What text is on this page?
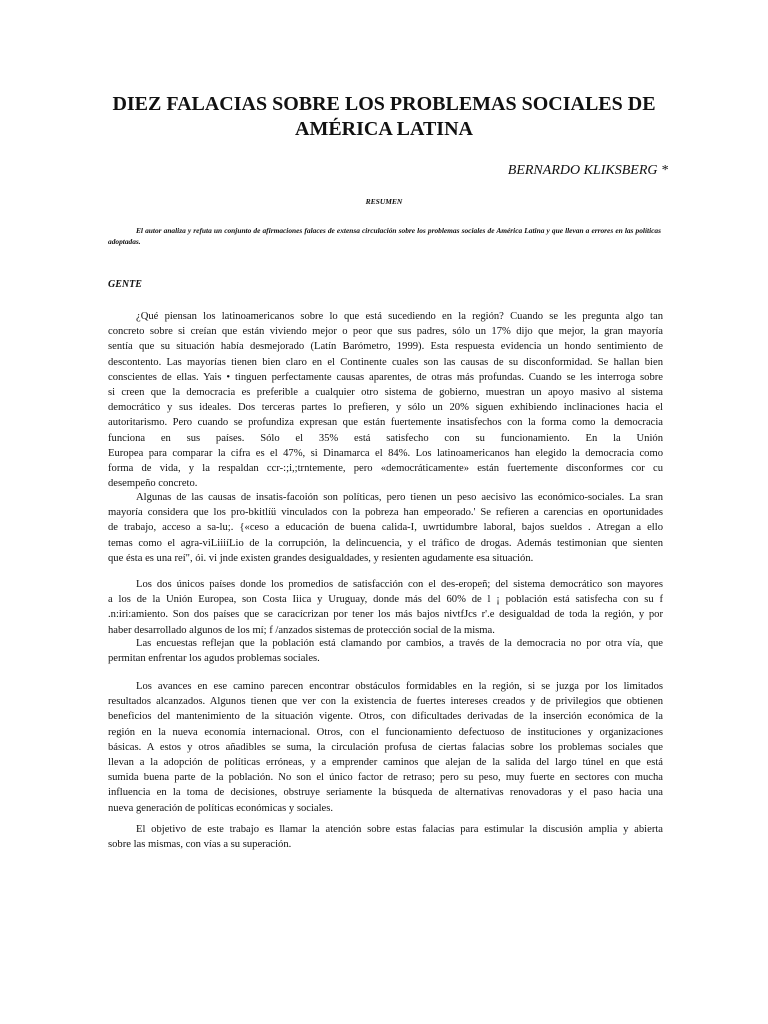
DIEZ FALACIAS SOBRE LOS PROBLEMAS SOCIALES DE AMÉRICA LATINA
BERNARDO KLIKSBERG *
RESUMEN
El autor analiza y refuta un conjunto de afirmaciones falaces de extensa circulación sobre los problemas sociales de América Latina y que llevan a errores en las políticas adoptadas.
GENTE
¿Qué piensan los latinoamericanos sobre lo que está sucediendo en la región? Cuando se les pregunta algo tan
concreto sobre si creían que están viviendo mejor o peor que sus padres, sólo un 17% dijo que mejor, la gran mayoría
sentía que su situación había desmejorado (Latín Barómetro, 1999). Esta respuesta evidencia un hondo sentimiento de
descontento. Las mayorías tienen bien claro en el Continente cuales son las causas de su disconformidad. Se hallan bien
conscientes de ellas. Yais • tinguen perfectamente causas aparentes, de otras más profundas. Cuando se les interroga sobre
si creen que la democracia es preferible a cualquier otro sistema de gobierno, muestran un apoyo masivo al sistema
democrático y sus ideales. Dos terceras partes lo prefieren, y sólo un 20% siguen exhibiendo inclinaciones hacia el
autoritarismo. Pero cuando se profundiza expresan que están fuertemente insatisfechos con la forma como la democracia
funciona en sus países. Sólo el 35% está satisfecho con su funcionamiento. En la Unión
Europea para comparar la cifra es el 47%, si Dinamarca el 84%. Los latinoamericanos han elegido la democracia como
forma de vida, y la respaldan ccr-:;i,;trntemente, pero «democráticamente» están fuertemente disconformes cor cu
desempeño concreto.
Algunas de las causas de insatis-facoión son políticas, pero tienen un peso aecisivo las económico-sociales. La sran
mayoría considera que los pro-bkitlíü vinculados con la pobreza han empeorado.' Se refieren a carencias en oportunidades
de trabajo, acceso a sa-lu;. {«ceso a educación de buena calida-I, uwrtidumbre laboral, bajos sueldos . Atregan a ello
temas como el agra-viLiiiíLio de la corrupción, la delincuencia, y el tráfico de drogas. Además testimonian que sienten
que ésta es una reí", ói. vi jnde existen grandes desigualdades, y resienten agudamente esa situación.
Los dos únicos países donde los promedios de satisfacción con el des-eropeñ; del sistema democrático son mayores
a los de la Unión Europea, son Costa Iiica y Uruguay, donde más del 60% de l ¡ población está satisfecha con su f
.n:iri:amiento. Son dos países que se caracícrizan por tener los más bajos nivtfJcs r'.e desigualdad de toda la región, y por
haber desarrollado algunos de los mí; f /anzados sistemas de protección social de la misma.
Las encuestas reflejan que la población está clamando por cambios, a través de la democracia no por otra vía, que
permitan enfrentar los agudos problemas sociales.
Los avances en ese camino parecen encontrar obstáculos formidables en la región, si se juzga por los limitados
resultados alcanzados. Algunos tienen que ver con la existencia de fuertes intereses creados y de privilegios que obtienen
beneficios del mantenimiento de la situación vigente. Otros, con dificultades derivadas de la inserción económica de la
región en la nueva economía internacional. Otros, con el funcionamiento defectuoso de instituciones y organizaciones
básicas. A estos y otros añadibles se suma, la circulación profusa de ciertas falacias sobre los problemas sociales que
llevan a la adopción de políticas erróneas, y a emprender caminos que alejan de la salida del largo túnel en que está
sumida buena parte de la población. No son el único factor de retraso; pero su peso, muy fuerte en sectores con mucha
influencia en la toma de decisiones, obstruye seriamente la búsqueda de alternativas renovadoras y el paso hacia una
nueva generación de políticas económicas y sociales.
El objetivo de este trabajo es llamar la atención sobre estas falacias para estimular la discusión amplia y abierta
sobre las mismas, con vías a su superación.
